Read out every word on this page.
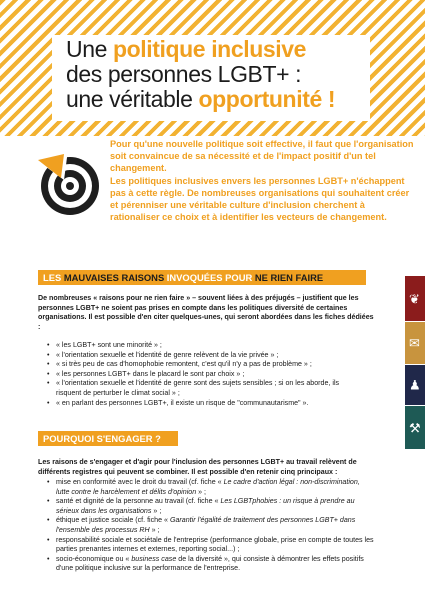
Une politique inclusive
des personnes LGBT+ :
une véritable opportunité !

Pour qu'une nouvelle politique soit effective, il faut que l'organisation soit convaincue de sa nécessité et de l'impact positif d'un tel changement.

Les politiques inclusives envers les personnes LGBT+ n'échappent pas à cette règle. De nombreuses organisations qui souhaitent créer et pérenniser une véritable culture d'inclusion cherchent à rationaliser ce choix et à identifier les vecteurs de changement.

LES MAUVAISES RAISONS INVOQUÉES POUR NE RIEN FAIRE
De nombreuses « raisons pour ne rien faire » – souvent liées à des préjugés – justifient que les personnes LGBT+ ne soient pas prises en compte dans les politiques diversité de certaines organisations. Il est possible d'en citer quelques-unes, qui seront abordées dans les fiches dédiées :
• « les LGBT+ sont une minorité » ;
• « l'orientation sexuelle et l'identité de genre relèvent de la vie privée » ;
• « si très peu de cas d'homophobie remontent, c'est qu'il n'y a pas de problème » ;
• « les personnes LGBT+ dans le placard le sont par choix » ;
• « l'orientation sexuelle et l'identité de genre sont des sujets sensibles ; si on les aborde, ils risquent de perturber le climat social » ;
• « en parlant des personnes LGBT+, il existe un risque de "communautarisme" ».
POURQUOI S'ENGAGER ?
Les raisons de s'engager et d'agir pour l'inclusion des personnes LGBT+ au travail relèvent de différents registres qui peuvent se combiner. Il est possible d'en retenir cinq principaux :
• mise en conformité avec le droit du travail (cf. fiche « Le cadre d'action légal : non-discrimination, lutte contre le harcèlement et délits d'opinion » ;
• santé et dignité de la personne au travail (cf. fiche « Les LGBTphobies : un risque à prendre au sérieux dans les organisations » ;
• éthique et justice sociale (cf. fiche « Garantir l'égalité de traitement des personnes LGBT+ dans l'ensemble des processus RH » ;
• responsabilité sociale et sociétale de l'entreprise (performance globale, prise en compte de toutes les parties prenantes internes et externes, reporting social...) ;
• socio-économique ou « business case de la diversité », qui consiste à démontrer les effets positifs d'une politique inclusive sur la performance de l'entreprise.
❦
✉
♟
⚒
